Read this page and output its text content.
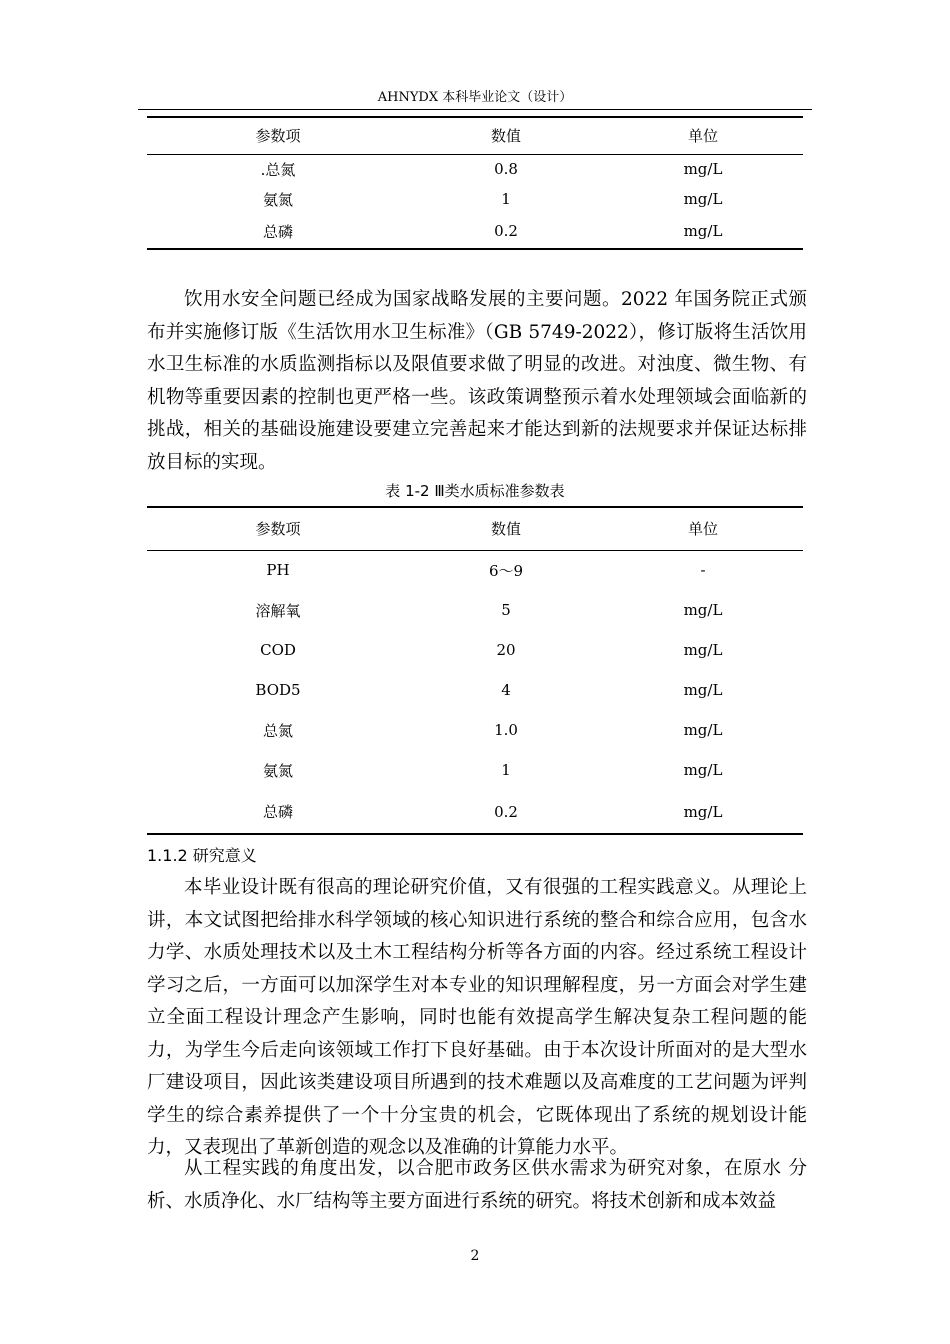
AHNYDX 本科毕业论文（设计）
参数项	数值	单位
.总氮	0.8	mg/L
氨氮	1	mg/L
总磷	0.2	mg/L

饮用水安全问题已经成为国家战略发展的主要问题。2022 年国务院正式颁布并实施修订版《生活饮用水卫生标准》（GB 5749-2022），修订版将生活饮用水卫生标准的水质监测指标以及限值要求做了明显的改进。对浊度、微生物、有机物等重要因素的控制也更严格一些。该政策调整预示着水处理领域会面临新的挑战，相关的基础设施建设要建立完善起来才能达到新的法规要求并保证达标排放目标的实现。

表 1-2 Ⅲ类水质标准参数表
参数项	数值	单位
PH	6～9	-
溶解氧	5	mg/L
COD	20	mg/L
BOD5	4	mg/L
总氮	1.0	mg/L
氨氮	1	mg/L
总磷	0.2	mg/L
1.1.2 研究意义

本毕业设计既有很高的理论研究价值，又有很强的工程实践意义。从理论上讲，本文试图把给排水科学领域的核心知识进行系统的整合和综合应用，包含水力学、水质处理技术以及土木工程结构分析等各方面的内容。经过系统工程设计学习之后，一方面可以加深学生对本专业的知识理解程度，另一方面会对学生建立全面工程设计理念产生影响，同时也能有效提高学生解决复杂工程问题的能力，为学生今后走向该领域工作打下良好基础。由于本次设计所面对的是大型水厂建设项目，因此该类建设项目所遇到的技术难题以及高难度的工艺问题为评判学生的综合素养提供了一个十分宝贵的机会，它既体现出了系统的规划设计能力，又表现出了革新创造的观念以及准确的计算能力水平。

从工程实践的角度出发，以合肥市政务区供水需求为研究对象，在原水 分析、水质净化、水厂结构等主要方面进行系统的研究。将技术创新和成本效益

2
